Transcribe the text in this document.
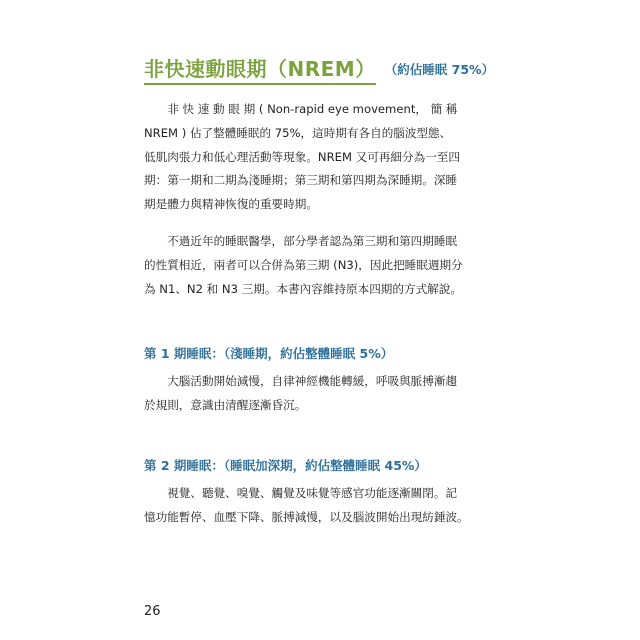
非快速動眼期（NREM） （約佔睡眠 75%）

　　非 快 速 動 眼 期 ( Non-rapid eye movement， 簡 稱
NREM ) 佔了整體睡眠的 75%，這時期有各自的腦波型態、
低肌肉張力和低心理活動等現象。NREM 又可再細分為一至四
期：第一期和二期為淺睡期；第三期和第四期為深睡期。深睡
期是體力與精神恢復的重要時期。

　　不過近年的睡眠醫學，部分學者認為第三期和第四期睡眠
的性質相近，兩者可以合併為第三期 (N3)，因此把睡眠週期分
為 N1、N2 和 N3 三期。本書內容維持原本四期的方式解說。

第 1 期睡眠：（淺睡期，約佔整體睡眠 5%）

　　大腦活動開始減慢，自律神經機能轉緩，呼吸與脈搏漸趨
於規則，意識由清醒逐漸昏沉。

第 2 期睡眠：（睡眠加深期，約佔整體睡眠 45%）

　　視覺、聽覺、嗅覺、觸覺及味覺等感官功能逐漸關閉。記
憶功能暫停、血壓下降、脈搏減慢，以及腦波開始出現紡錘波。

26
